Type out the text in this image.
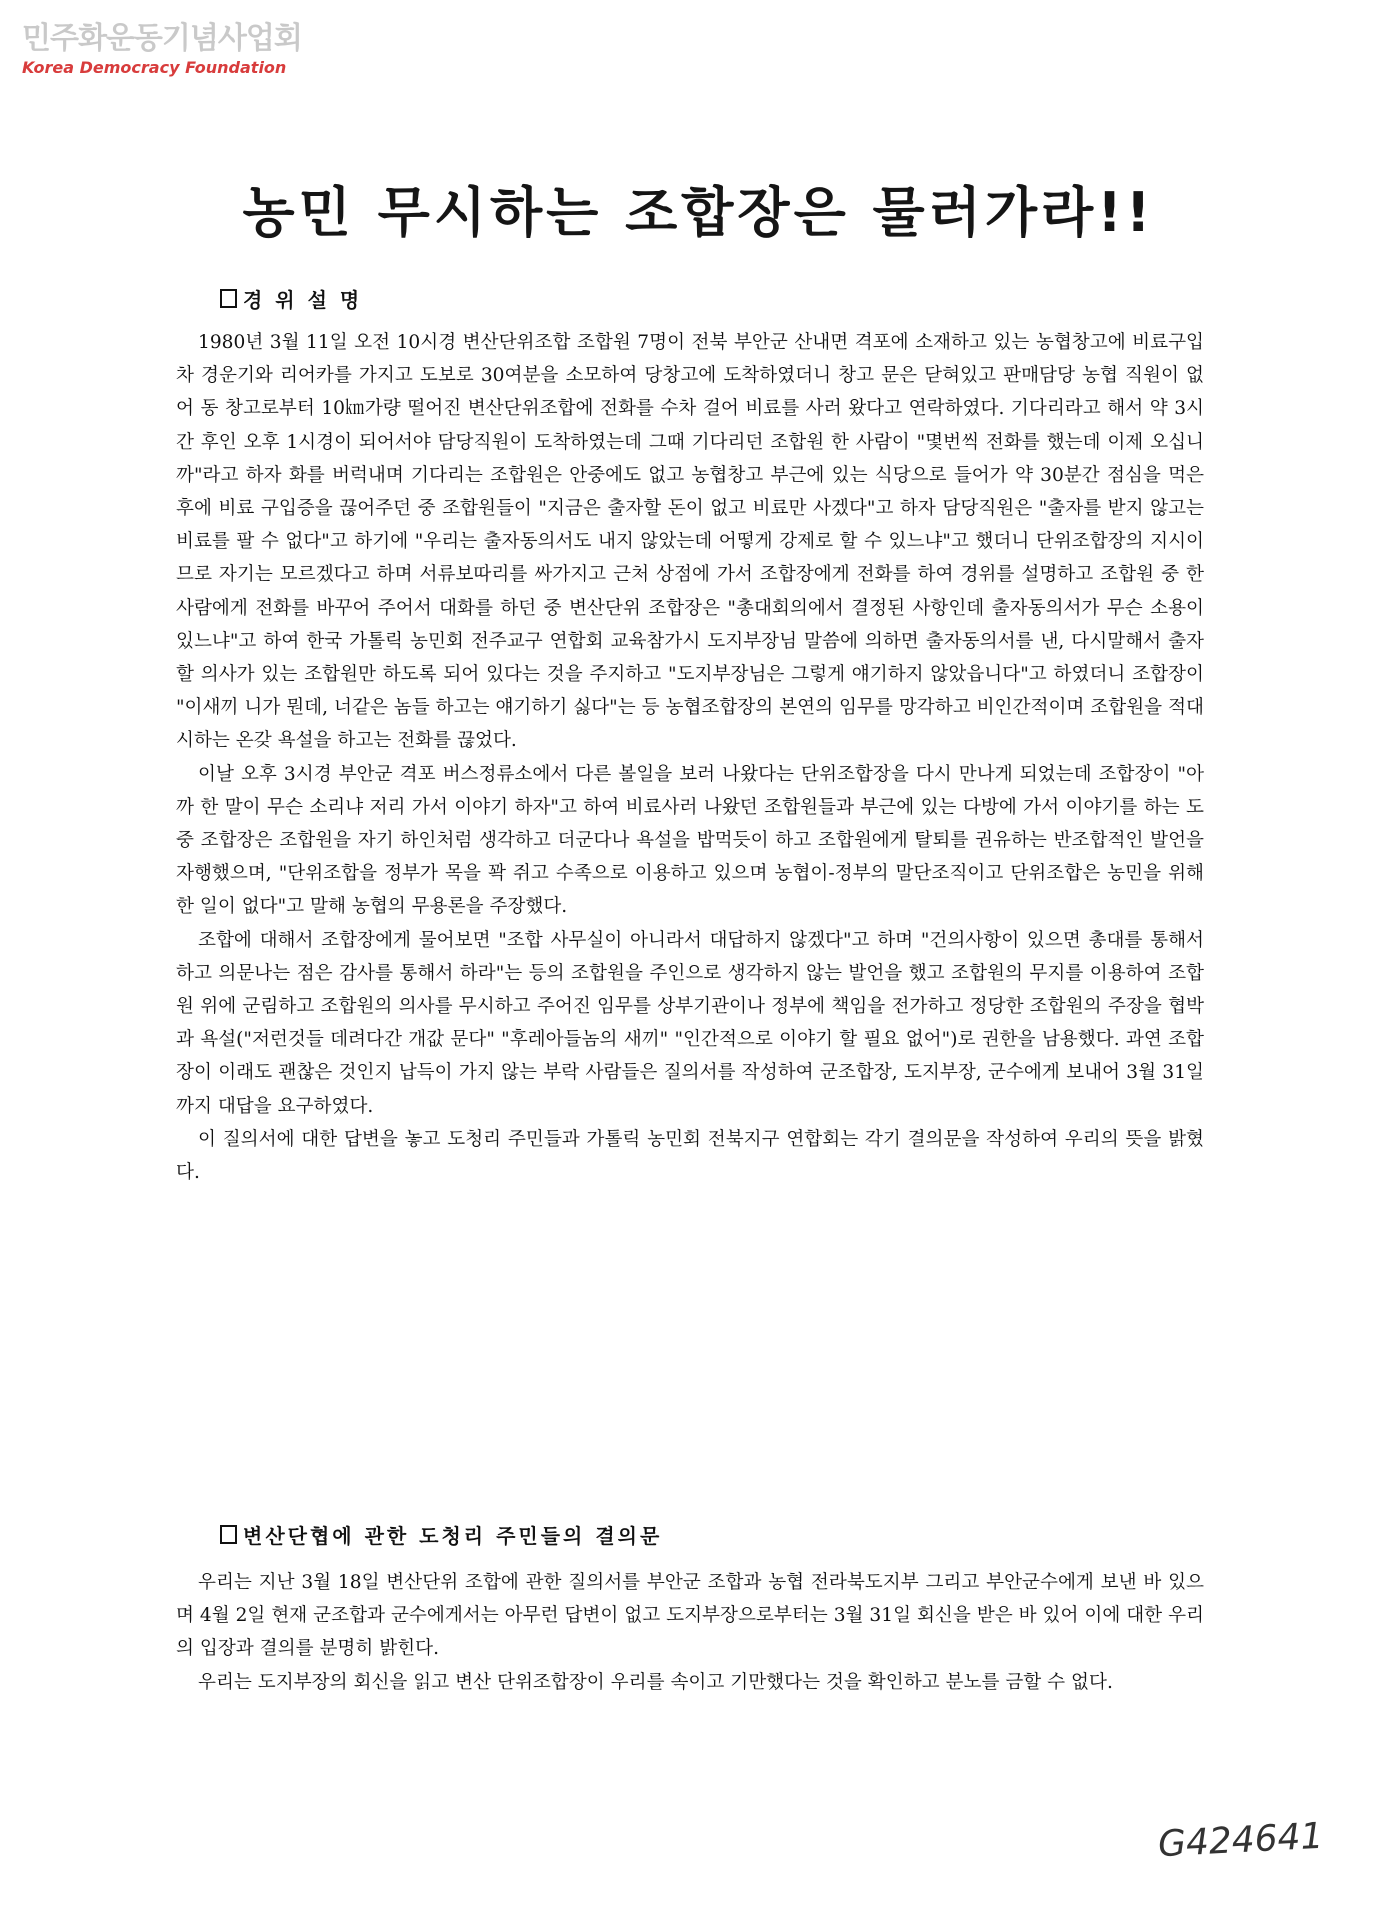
민주화운동기념사업회
Korea Democracy Foundation
농민 무시하는 조합장은 물러가라!!
경 위 설 명

1980년 3월 11일 오전 10시경 변산단위조합 조합원 7명이 전북 부안군 산내면 격포에 소재하고 있는 농협창고에 비료구입차 경운기와 리어카를 가지고 도보로 30여분을 소모하여 당창고에 도착하였더니 창고 문은 닫혀있고 판매담당 농협 직원이 없어 동 창고로부터 10㎞가량 떨어진 변산단위조합에 전화를 수차 걸어 비료를 사러 왔다고 연락하였다. 기다리라고 해서 약 3시간 후인 오후 1시경이 되어서야 담당직원이 도착하였는데 그때 기다리던 조합원 한 사람이 "몇번씩 전화를 했는데 이제 오십니까"라고 하자 화를 버럭내며 기다리는 조합원은 안중에도 없고 농협창고 부근에 있는 식당으로 들어가 약 30분간 점심을 먹은 후에 비료 구입증을 끊어주던 중 조합원들이 "지금은 출자할 돈이 없고 비료만 사겠다"고 하자 담당직원은 "출자를 받지 않고는 비료를 팔 수 없다"고 하기에 "우리는 출자동의서도 내지 않았는데 어떻게 강제로 할 수 있느냐"고 했더니 단위조합장의 지시이므로 자기는 모르겠다고 하며 서류보따리를 싸가지고 근처 상점에 가서 조합장에게 전화를 하여 경위를 설명하고 조합원 중 한 사람에게 전화를 바꾸어 주어서 대화를 하던 중 변산단위 조합장은 "총대회의에서 결정된 사항인데 출자동의서가 무슨 소용이 있느냐"고 하여 한국 가톨릭 농민회 전주교구 연합회 교육참가시 도지부장님 말씀에 의하면 출자동의서를 낸, 다시말해서 출자할 의사가 있는 조합원만 하도록 되어 있다는 것을 주지하고 "도지부장님은 그렇게 얘기하지 않았읍니다"고 하였더니 조합장이 "이새끼 니가 뭔데, 너같은 놈들 하고는 얘기하기 싫다"는 등 농협조합장의 본연의 임무를 망각하고 비인간적이며 조합원을 적대시하는 온갖 욕설을 하고는 전화를 끊었다.

이날 오후 3시경 부안군 격포 버스정류소에서 다른 볼일을 보러 나왔다는 단위조합장을 다시 만나게 되었는데 조합장이 "아까 한 말이 무슨 소리냐 저리 가서 이야기 하자"고 하여 비료사러 나왔던 조합원들과 부근에 있는 다방에 가서 이야기를 하는 도중 조합장은 조합원을 자기 하인처럼 생각하고 더군다나 욕설을 밥먹듯이 하고 조합원에게 탈퇴를 권유하는 반조합적인 발언을 자행했으며, "단위조합을 정부가 목을 꽉 쥐고 수족으로 이용하고 있으며 농협이-정부의 말단조직이고 단위조합은 농민을 위해 한 일이 없다"고 말해 농협의 무용론을 주장했다.

조합에 대해서 조합장에게 물어보면 "조합 사무실이 아니라서 대답하지 않겠다"고 하며 "건의사항이 있으면 총대를 통해서 하고 의문나는 점은 감사를 통해서 하라"는 등의 조합원을 주인으로 생각하지 않는 발언을 했고 조합원의 무지를 이용하여 조합원 위에 군림하고 조합원의 의사를 무시하고 주어진 임무를 상부기관이나 정부에 책임을 전가하고 정당한 조합원의 주장을 협박과 욕설("저런것들 데려다간 개값 문다" "후레아들놈의 새끼" "인간적으로 이야기 할 필요 없어")로 권한을 남용했다. 과연 조합장이 이래도 괜찮은 것인지 납득이 가지 않는 부락 사람들은 질의서를 작성하여 군조합장, 도지부장, 군수에게 보내어 3월 31일까지 대답을 요구하였다.

이 질의서에 대한 답변을 놓고 도청리 주민들과 가톨릭 농민회 전북지구 연합회는 각기 결의문을 작성하여 우리의 뜻을 밝혔다.

변산단협에 관한 도청리 주민들의 결의문

우리는 지난 3월 18일 변산단위 조합에 관한 질의서를 부안군 조합과 농협 전라북도지부 그리고 부안군수에게 보낸 바 있으며 4월 2일 현재 군조합과 군수에게서는 아무런 답변이 없고 도지부장으로부터는 3월 31일 회신을 받은 바 있어 이에 대한 우리의 입장과 결의를 분명히 밝힌다.

우리는 도지부장의 회신을 읽고 변산 단위조합장이 우리를 속이고 기만했다는 것을 확인하고 분노를 금할 수 없다.

G424641
